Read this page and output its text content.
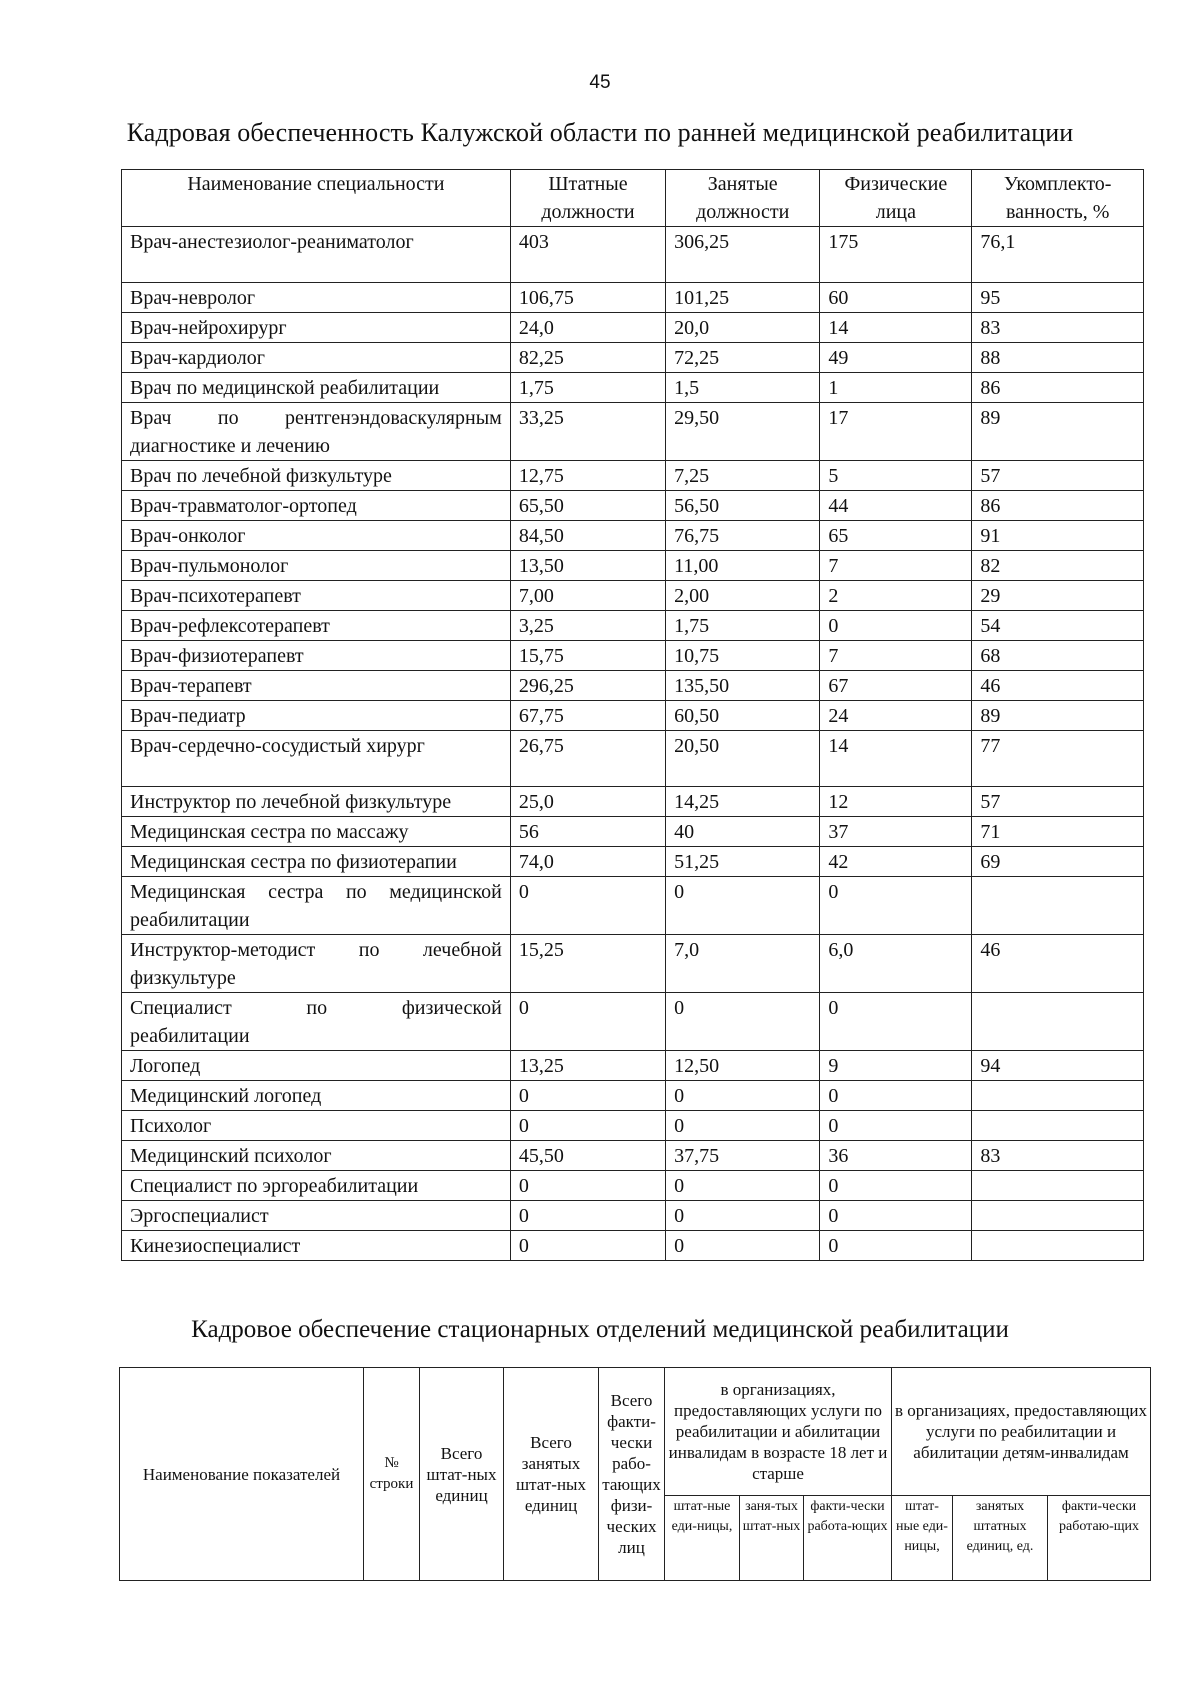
45
Кадровая обеспеченность Калужской области по ранней медицинской реабилитации
Наименование специальности	Штатные должности	Занятые должности	Физические лица	Укомплекто-ванность, %
Врач-анестезиолог-реаниматолог	403	306,25	175	76,1
Врач-невролог	106,75	101,25	60	95
Врач-нейрохирург	24,0	20,0	14	83
Врач-кардиолог	82,25	72,25	49	88
Врач по медицинской реабилитации	1,75	1,5	1	86

Врач по рентгенэндоваскулярным
диагностике и лечению	33,25	29,50	17	89
Врач по лечебной физкультуре	12,75	7,25	5	57
Врач-травматолог-ортопед	65,50	56,50	44	86
Врач-онколог	84,50	76,75	65	91
Врач-пульмонолог	13,50	11,00	7	82
Врач-психотерапевт	7,00	2,00	2	29
Врач-рефлексотерапевт	3,25	1,75	0	54
Врач-физиотерапевт	15,75	10,75	7	68
Врач-терапевт	296,25	135,50	67	46
Врач-педиатр	67,75	60,50	24	89
Врач-сердечно-сосудистый хирург	26,75	20,50	14	77
Инструктор по лечебной физкультуре	25,0	14,25	12	57
Медицинская сестра по массажу	56	40	37	71
Медицинская сестра по физиотерапии	74,0	51,25	42	69

Медицинская сестра по медицинской
реабилитации	0	0	0	

Инструктор-методист по лечебной
физкультуре	15,25	7,0	6,0	46

Специалист по физической
реабилитации	0	0	0	
Логопед	13,25	12,50	9	94
Медицинский логопед	0	0	0	
Психолог	0	0	0	
Медицинский психолог	45,50	37,75	36	83
Специалист по эргореабилитации	0	0	0	
Эргоспециалист	0	0	0	
Кинезиоспециалист	0	0	0	
Кадровое обеспечение стационарных отделений медицинской реабилитации
Наименование показателей	№ строки	Всего штат-ных единиц	Всего занятых штат-ных единиц	Всего факти-чески рабо-тающих физи-ческих лиц	в организациях, предоставляющих услуги по реабилитации и абилитации инвалидам в возрасте 18 лет и старше			в организациях, предоставляющих услуги по реабилитации и абилитации детям-инвалидам		
					штат-ные еди-ницы,	заня-тых штат-ных	факти-чески работа-ющих	штат-ные еди-ницы,	занятых штатных единиц, ед.	факти-чески работаю-щих
